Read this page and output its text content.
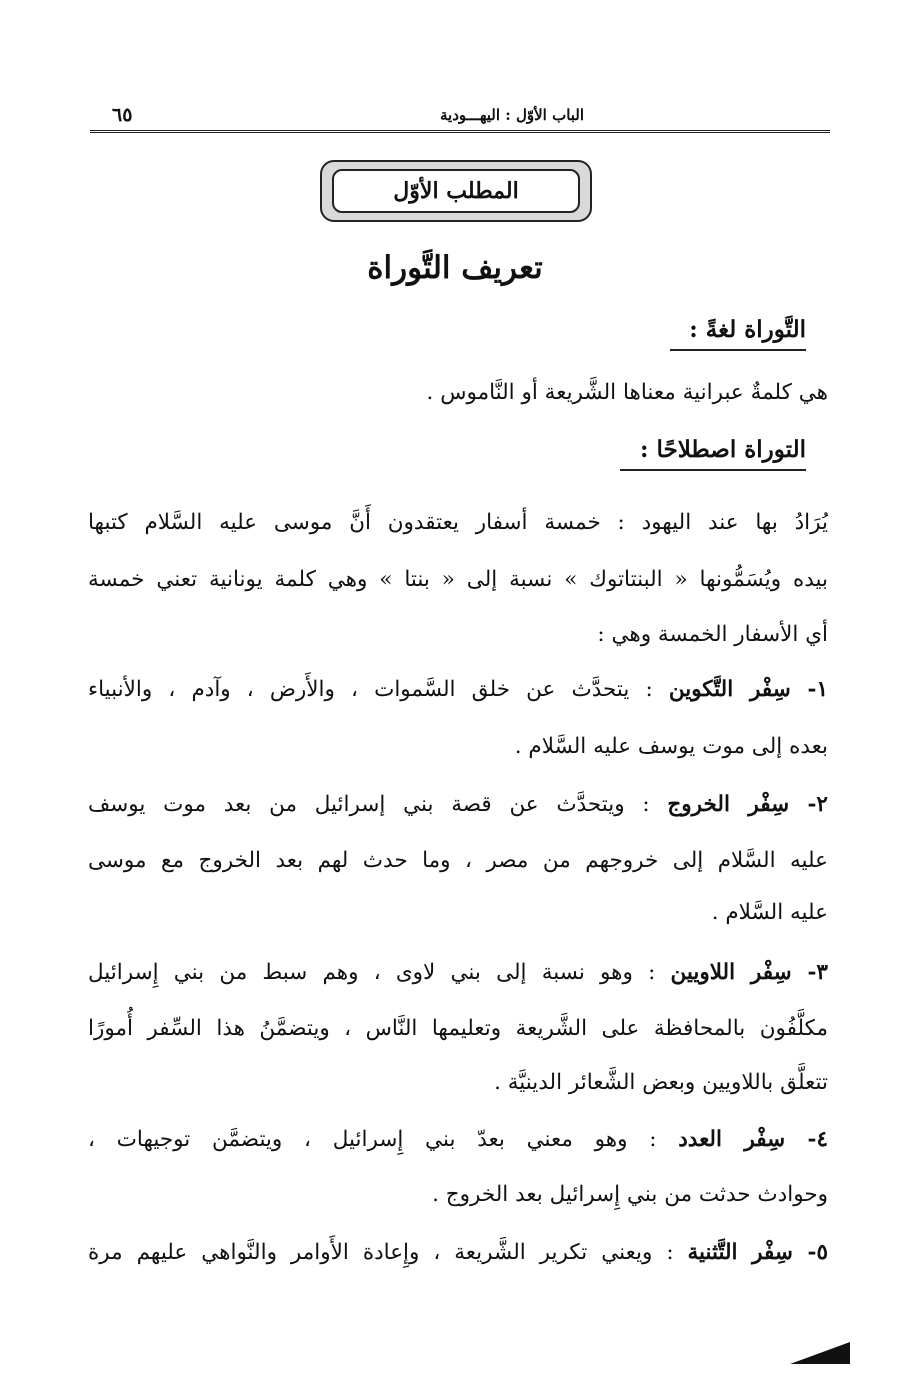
٦٥	الباب الأوّل : اليهـــودية
المطلب الأوّل
تعريف التَّوراة
التَّوراة لغةً :
هي كلمةٌ عبرانية معناها الشَّريعة أو النَّاموس .
التوراة اصطلاحًا :
يُرَادُ بها عند اليهود : خمسة أسفار يعتقدون أَنَّ موسى عليه السَّلام كتبها
بيده ويُسَمُّونها « البنتاتوك » نسبة إلى « بنتا » وهي كلمة يونانية تعني خمسة
أي الأسفار الخمسة وهي :
١- سِفْر التَّكوين : يتحدَّث عن خلق السَّموات ، والأَرض ، وآدم ، والأنبياء
بعده إلى موت يوسف عليه السَّلام .
٢- سِفْر الخروج : ويتحدَّث عن قصة بني إسرائيل من بعد موت يوسف
عليه السَّلام إلى خروجهم من مصر ، وما حدث لهم بعد الخروج مع موسى
عليه السَّلام .
٣- سِفْر اللاويين : وهو نسبة إلى بني لاوى ، وهم سبط من بني إِسرائيل
مكلَّفُون بالمحافظة على الشَّريعة وتعليمها النَّاس ، ويتضمَّنُ هذا السِّفر أُمورًا
تتعلَّق باللاويين وبعض الشَّعائر الدينيَّة .
٤- سِفْر العدد : وهو معني بعدّ بني إِسرائيل ، ويتضمَّن توجيهات ،
وحوادث حدثت من بني إِسرائيل بعد الخروج .
٥- سِفْر التَّثنية : ويعني تكرير الشَّريعة ، وإِعادة الأَوامر والنَّواهي عليهم مرة
